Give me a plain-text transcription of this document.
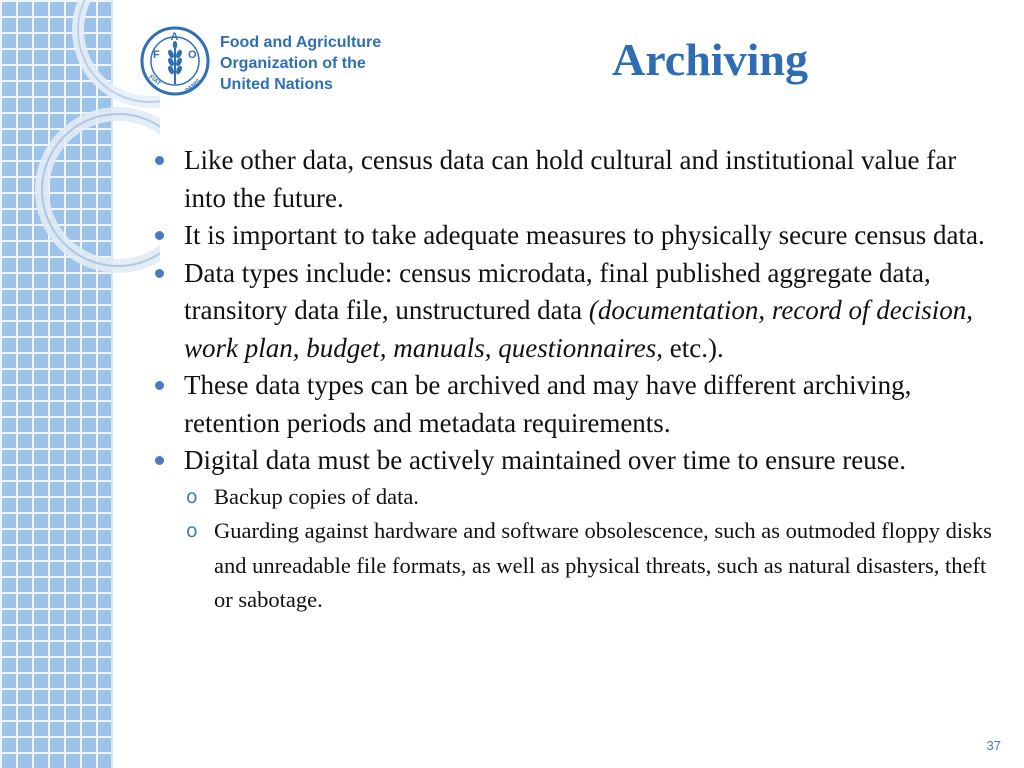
F
A
O
FIAT	PANIS
Food and Agriculture
Organization of the
United Nations	Archiving
Like other data, census data can hold cultural and institutional value far into the future.
It is important to take adequate measures to physically secure census data.
Data types include: census microdata, final published aggregate data, transitory data file, unstructured data (documentation, record of decision, work plan, budget, manuals, questionnaires, etc.).
These data types can be archived and may have different archiving, retention periods and metadata requirements.
Digital data must be actively maintained over time to ensure reuse.
o Backup copies of data.
o Guarding against hardware and software obsolescence, such as outmoded floppy disks and unreadable file formats, as well as physical threats, such as natural disasters, theft or sabotage.
37
